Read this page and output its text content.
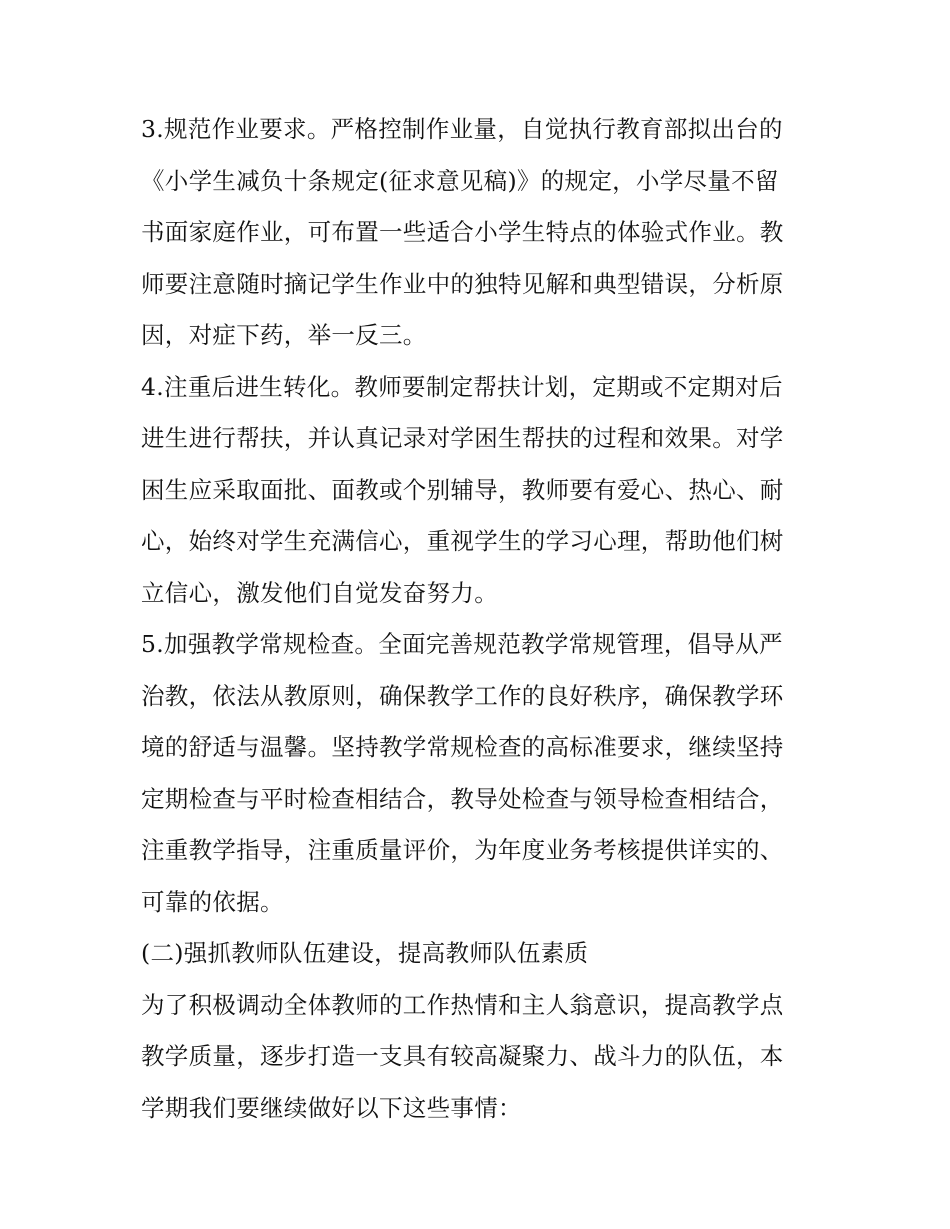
3.规范作业要求。严格控制作业量，自觉执行教育部拟出台的
《小学生减负十条规定(征求意见稿)》的规定，小学尽量不留
书面家庭作业，可布置一些适合小学生特点的体验式作业。教
师要注意随时摘记学生作业中的独特见解和典型错误，分析原
因，对症下药，举一反三。

4.注重后进生转化。教师要制定帮扶计划，定期或不定期对后
进生进行帮扶，并认真记录对学困生帮扶的过程和效果。对学
困生应采取面批、面教或个别辅导，教师要有爱心、热心、耐
心，始终对学生充满信心，重视学生的学习心理，帮助他们树
立信心，激发他们自觉发奋努力。

5.加强教学常规检查。全面完善规范教学常规管理，倡导从严
治教，依法从教原则，确保教学工作的良好秩序，确保教学环
境的舒适与温馨。坚持教学常规检查的高标准要求，继续坚持
定期检查与平时检查相结合，教导处检查与领导检查相结合，
注重教学指导，注重质量评价，为年度业务考核提供详实的、
可靠的依据。

(二)强抓教师队伍建设，提高教师队伍素质

为了积极调动全体教师的工作热情和主人翁意识，提高教学点
教学质量，逐步打造一支具有较高凝聚力、战斗力的队伍，本
学期我们要继续做好以下这些事情：
